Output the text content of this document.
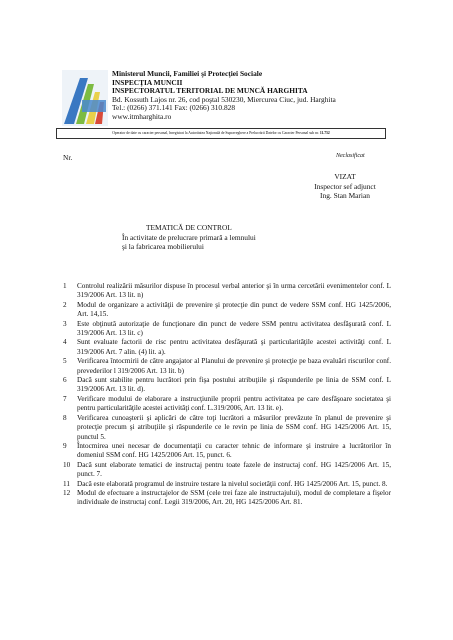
Ministerul Muncii, Familiei şi Protecţiei Sociale
INSPECŢIA MUNCII
INSPECTORATUL TERITORIAL DE MUNCĂ HARGHITA
Bd. Kossuth Lajos nr. 26, cod poştal 530230, Miercurea Ciuc, jud. Harghita
Tel.: (0266) 371.141 Fax: (0266) 310.828
www.itmharghita.ro
Operator de date cu caracter personal, înregistrat la Autoritatea Naţională de Supraveghere a Prelucrării Datelor cu Caracter Personal sub nr. 11.752
Nr.	Neclasificat
VIZAT
Inspector sef adjunct
Ing. Stan Marian
TEMATICĂ DE CONTROL
În activitate de prelucrare primară a lemnului
şi la fabricarea mobilierului
1	Controlul realizării măsurilor dispuse în procesul verbal anterior şi în urma cercetării evenimentelor conf. L 319/2006 Art. 13 lit. n)
2	Modul de organizare a activităţii de prevenire şi protecţie din punct de vedere SSM conf. HG 1425/2006, Art. 14,15.
3	Este obţinută autorizaţie de funcţionare din punct de vedere SSM pentru activitatea desfăşurată conf. L 319/2006 Art. 13 lit. c)
4	Sunt evaluate factorii de risc pentru activitatea desfăşurată şi particularităţile acestei activităţi conf. L 319/2006 Art. 7 alin. (4) lit. a).
5	Verificarea întocmirii de către angajator al Planului de prevenire şi protecţie pe baza evaluări riscurilor conf. prevederilor l 319/2006 Art. 13 lit. b)
6	Dacă sunt stabilite pentru lucrători prin fişa postului atribuţiile şi răspunderile pe linia de SSM conf. L 319/2006 Art. 13 lit. d).
7	Verificare modului de elaborare a instrucţiunile proprii pentru activitatea pe care desfăşoare societatea şi pentru particularităţile acestei activităţi conf. L.319/2006, Art. 13 lit. e).
8	Verificarea cunoaşterii şi aplicări de către toţi lucrători a măsurilor prevăzute în planul de prevenire şi protecţie precum şi atribuţiile şi răspunderile ce le revin pe linia de SSM conf. HG 1425/2006 Art. 15, punctul 5.
9	Întocmirea unei necesar de documentaţii cu caracter tehnic de informare şi instruire a lucrătorilor în domeniul SSM conf. HG 1425/2006 Art. 15, punct. 6.
10 Dacă sunt elaborate tematici de instructaj pentru toate fazele de instructaj conf. HG 1425/2006 Art. 15, punct. 7.
11 Dacă este elaborată programul de instruire testare la nivelul societăţii conf. HG 1425/2006 Art. 15, punct. 8.
12 Modul de efectuare a instructajelor de SSM (cele trei faze ale instructajului), modul de completare a fişelor individuale de instructaj conf. Legii 319/2006, Art. 20, HG 1425/2006 Art. 81.
